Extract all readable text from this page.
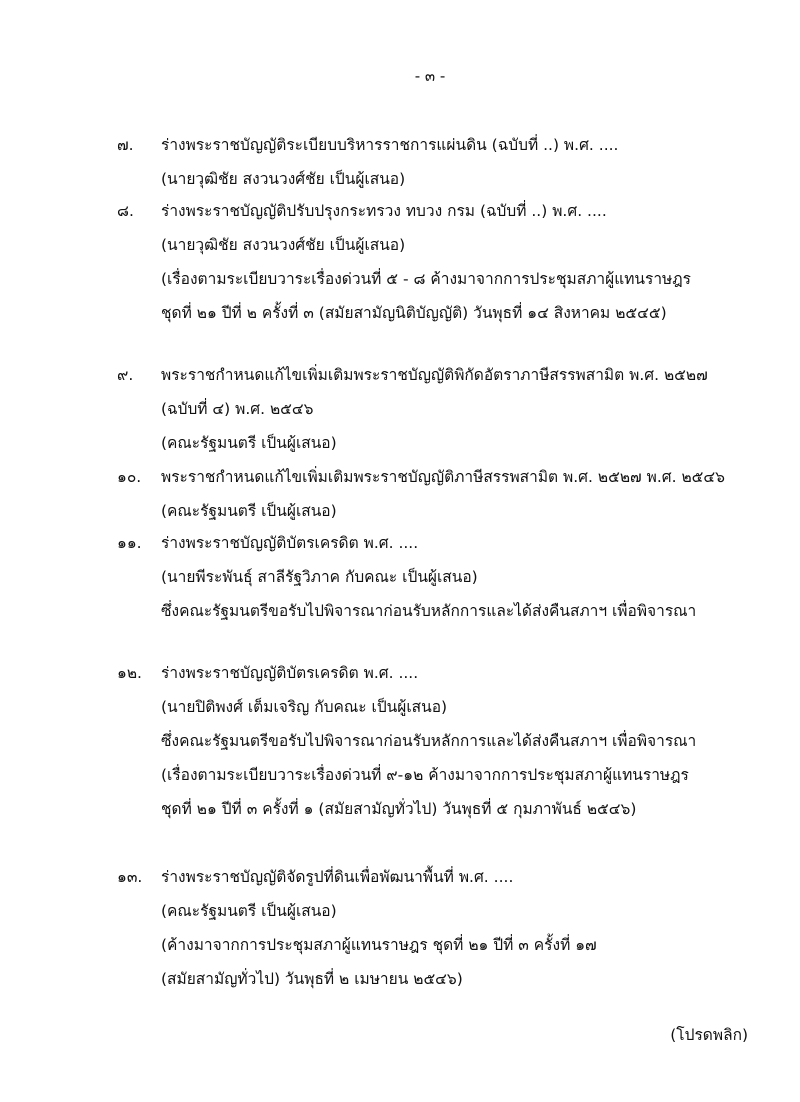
- ๓ -
๗. ร่างพระราชบัญญัติระเบียบบริหารราชการแผ่นดิน (ฉบับที่ ..) พ.ศ. ....
(นายวุฒิชัย สงวนวงศ์ชัย เป็นผู้เสนอ)
๘. ร่างพระราชบัญญัติปรับปรุงกระทรวง ทบวง กรม (ฉบับที่ ..) พ.ศ. ....
(นายวุฒิชัย สงวนวงศ์ชัย เป็นผู้เสนอ)
(เรื่องตามระเบียบวาระเรื่องด่วนที่ ๕ - ๘ ค้างมาจากการประชุมสภาผู้แทนราษฎร
ชุดที่ ๒๑ ปีที่ ๒ ครั้งที่ ๓ (สมัยสามัญนิติบัญญัติ) วันพุธที่ ๑๔ สิงหาคม ๒๕๔๕)
๙. พระราชกำหนดแก้ไขเพิ่มเติมพระราชบัญญัติพิกัดอัตราภาษีสรรพสามิต พ.ศ. ๒๕๒๗
(ฉบับที่ ๔) พ.ศ. ๒๕๔๖
(คณะรัฐมนตรี เป็นผู้เสนอ)
๑๐. พระราชกำหนดแก้ไขเพิ่มเติมพระราชบัญญัติภาษีสรรพสามิต พ.ศ. ๒๕๒๗ พ.ศ. ๒๕๔๖
(คณะรัฐมนตรี เป็นผู้เสนอ)
๑๑. ร่างพระราชบัญญัติบัตรเครดิต พ.ศ. ....
(นายพีระพันธุ์ สาลีรัฐวิภาค กับคณะ เป็นผู้เสนอ)
ซึ่งคณะรัฐมนตรีขอรับไปพิจารณาก่อนรับหลักการและได้ส่งคืนสภาฯ เพื่อพิจารณา
๑๒. ร่างพระราชบัญญัติบัตรเครดิต พ.ศ. ....
(นายปิติพงศ์ เต็มเจริญ กับคณะ เป็นผู้เสนอ)
ซึ่งคณะรัฐมนตรีขอรับไปพิจารณาก่อนรับหลักการและได้ส่งคืนสภาฯ เพื่อพิจารณา
(เรื่องตามระเบียบวาระเรื่องด่วนที่ ๙-๑๒ ค้างมาจากการประชุมสภาผู้แทนราษฎร
ชุดที่ ๒๑ ปีที่ ๓ ครั้งที่ ๑ (สมัยสามัญทั่วไป) วันพุธที่ ๕ กุมภาพันธ์ ๒๕๔๖)
๑๓. ร่างพระราชบัญญัติจัดรูปที่ดินเพื่อพัฒนาพื้นที่ พ.ศ. ....
(คณะรัฐมนตรี เป็นผู้เสนอ)
(ค้างมาจากการประชุมสภาผู้แทนราษฎร ชุดที่ ๒๑ ปีที่ ๓ ครั้งที่ ๑๗
(สมัยสามัญทั่วไป) วันพุธที่ ๒ เมษายน ๒๕๔๖)
(โปรดพลิก)
